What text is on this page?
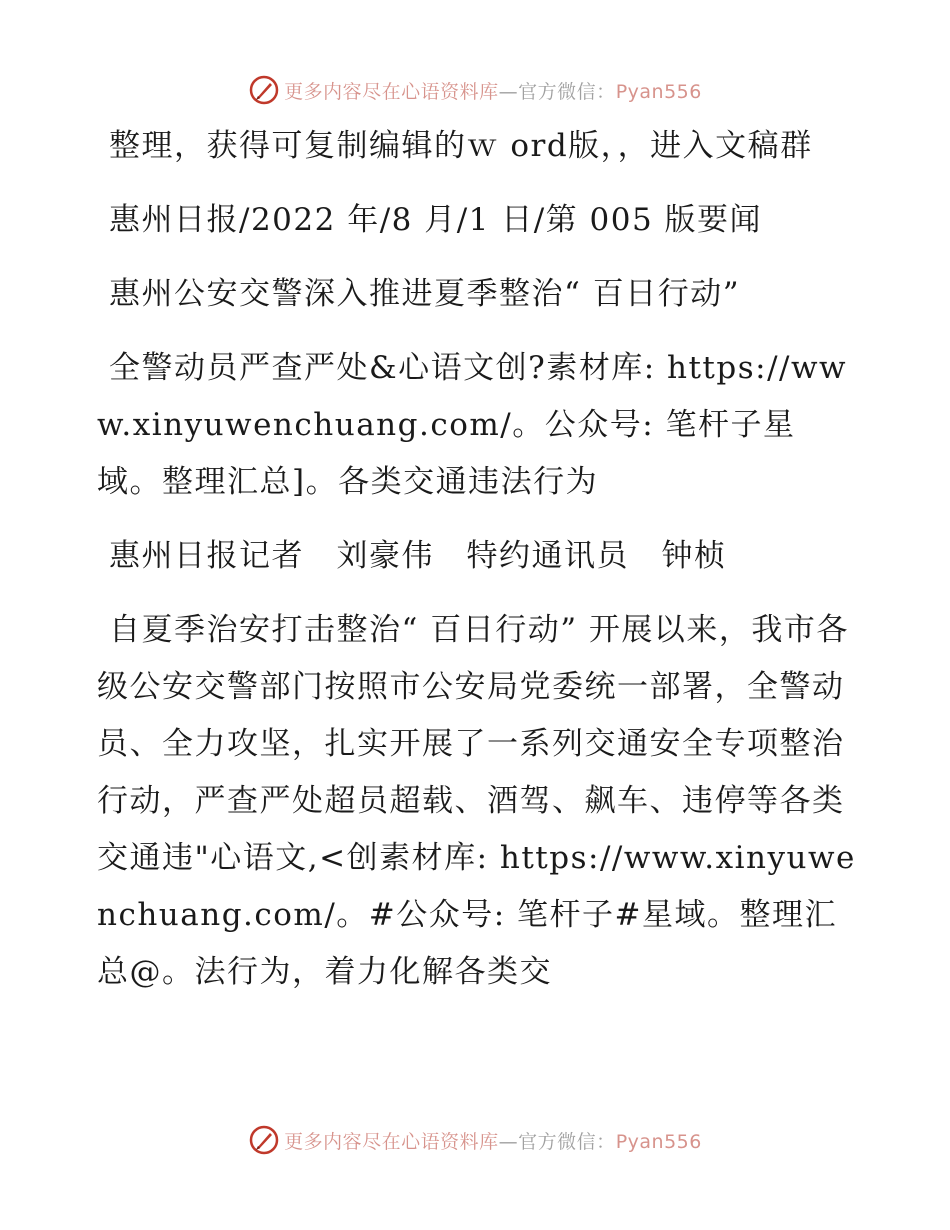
更多内容尽在心语资料库—官方微信：Pyan556

整理，获得可复制编辑的ｗ ord版，，进入文稿群

惠州日报/2022 年/8 月/1 日/第 005 版要闻

惠州公安交警深入推进夏季整治“ 百日行动”

全警动员严查严处&心语文创?素材库: https://www.xinyuwenchuang.com/。公众号: 笔杆子星域。整理汇总]。各类交通违法行为

惠州日报记者　刘豪伟　特约通讯员　钟桢

自夏季治安打击整治“ 百日行动” 开展以来，我市各级公安交警部门按照市公安局党委统一部署，全警动员、全力攻坚，扎实开展了一系列交通安全专项整治行动，严查严处超员超载、酒驾、飙车、违停等各类交通违"心语文,<创素材库: https://www.xinyuwenchuang.com/。#公众号: 笔杆子#星域。整理汇总@。法行为，着力化解各类交

更多内容尽在心语资料库—官方微信：Pyan556
